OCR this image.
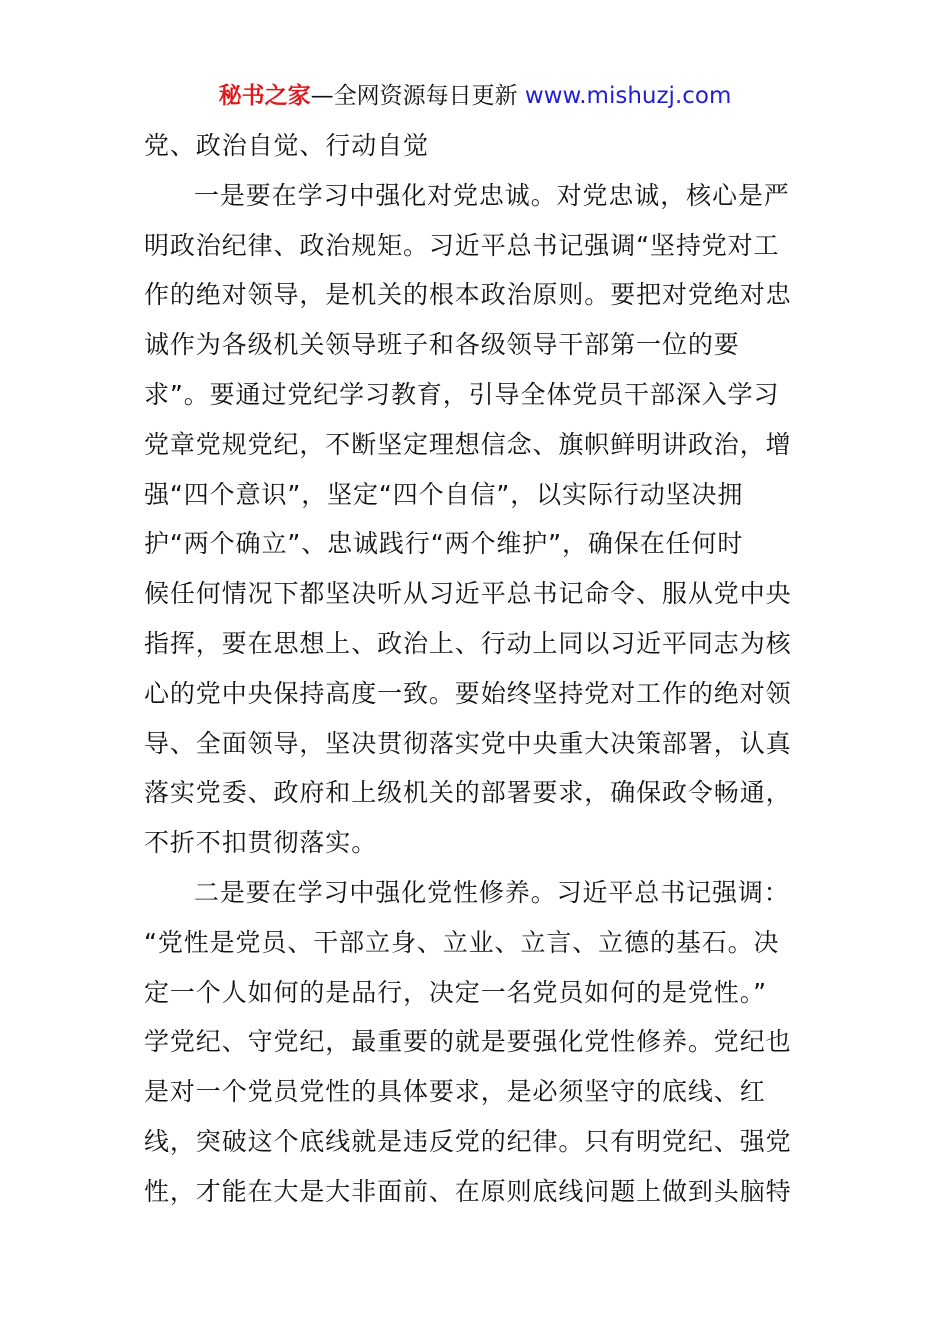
秘书之家—全网资源每日更新 www.mishuzj.com
党、政治自觉、行动自觉
一是要在学习中强化对党忠诚。对党忠诚，核心是严
明政治纪律、政治规矩。习近平总书记强调“坚持党对工
作的绝对领导，是机关的根本政治原则。要把对党绝对忠
诚作为各级机关领导班子和各级领导干部第一位的要
求”。要通过党纪学习教育，引导全体党员干部深入学习
党章党规党纪，不断坚定理想信念、旗帜鲜明讲政治，增
强“四个意识”，坚定“四个自信”，以实际行动坚决拥
护“两个确立”、忠诚践行“两个维护”，确保在任何时
候任何情况下都坚决听从习近平总书记命令、服从党中央
指挥，要在思想上、政治上、行动上同以习近平同志为核
心的党中央保持高度一致。要始终坚持党对工作的绝对领
导、全面领导，坚决贯彻落实党中央重大决策部署，认真
落实党委、政府和上级机关的部署要求，确保政令畅通，
不折不扣贯彻落实。
二是要在学习中强化党性修养。习近平总书记强调：
“党性是党员、干部立身、立业、立言、立德的基石。决
定一个人如何的是品行，决定一名党员如何的是党性。”
学党纪、守党纪，最重要的就是要强化党性修养。党纪也
是对一个党员党性的具体要求，是必须坚守的底线、红
线，突破这个底线就是违反党的纪律。只有明党纪、强党
性，才能在大是大非面前、在原则底线问题上做到头脑特
